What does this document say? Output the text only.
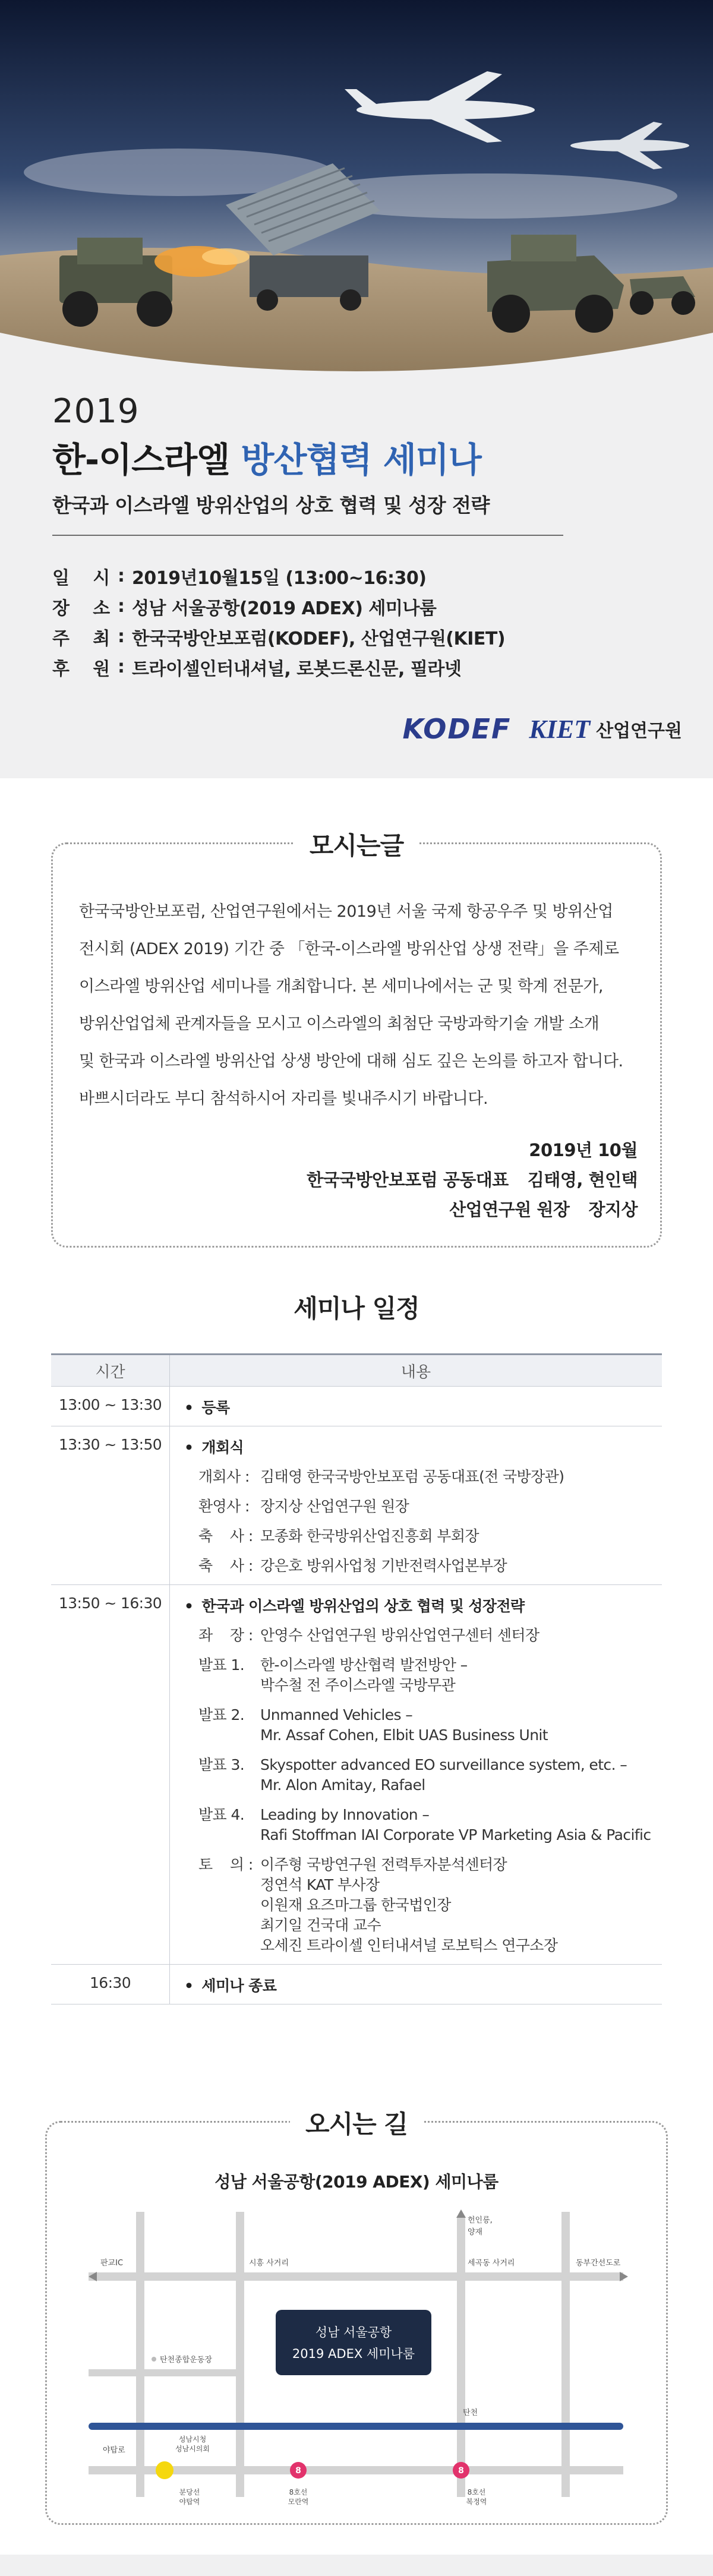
2019
한-이스라엘 방산협력 세미나
한국과 이스라엘 방위산업의 상호 협력 및 성장 전략
일    시 : 2019년10월15일 (13:00~16:30)
장    소 : 성남 서울공항(2019 ADEX) 세미나룸
주    최 : 한국국방안보포럼(KODEF), 산업연구원(KIET)
후    원 : 트라이셀인터내셔널, 로봇드론신문, 필라넷
KODEF KIET 산업연구원
모시는글
한국국방안보포럼, 산업연구원에서는 2019년 서울 국제 항공우주 및 방위산업
전시회 (ADEX 2019) 기간 중 「한국-이스라엘 방위산업 상생 전략」을 주제로
이스라엘 방위산업 세미나를 개최합니다. 본 세미나에서는 군 및 학계 전문가,
방위산업업체 관계자들을 모시고 이스라엘의 최첨단 국방과학기술 개발 소개
및 한국과 이스라엘 방위산업 상생 방안에 대해 심도 깊은 논의를 하고자 합니다.
바쁘시더라도 부디 참석하시어 자리를 빛내주시기 바랍니다.
2019년 10월
한국국방안보포럼 공동대표 김태영, 현인택
산업연구원 원장 장지상
세미나 일정
시간	내용
13:00 ~ 13:30	• 등록
13:30 ~ 13:50	• 개회식
개회사 : 김태영 한국국방안보포럼 공동대표(전 국방장관)
환영사 : 장지상 산업연구원 원장
축    사 : 모종화 한국방위산업진흥회 부회장
축    사 : 강은호 방위사업청 기반전력사업본부장
13:50 ~ 16:30	• 한국과 이스라엘 방위산업의 상호 협력 및 성장전략
좌    장 : 안영수 산업연구원 방위산업연구센터 센터장
발표 1.	한-이스라엘 방산협력 발전방안 –
박수철 전 주이스라엘 국방무관
발표 2.	Unmanned Vehicles –
Mr. Assaf Cohen, Elbit UAS Business Unit
발표 3.	Skyspotter advanced EO surveillance system, etc. –
Mr. Alon Amitay, Rafael
발표 4.	Leading by Innovation –
Rafi Stoffman IAI Corporate VP Marketing Asia & Pacific
토    의 : 이주형 국방연구원 전력투자분석센터장
정연석 KAT 부사장
이원재 요즈마그룹 한국법인장
최기일 건국대 교수
오세진 트라이셀 인터내셔널 로보틱스 연구소장
16:30	• 세미나 종료
오시는 길
성남 서울공항(2019 ADEX) 세미나룸
성남 서울공항
2019 ADEX 세미나룸
헌인릉,
양재
판교IC	시흥 사거리	세곡동 사거리	동부간선도로
탄천종합운동장
탄천
야탑로
성남시청
성남시의회
분당선
야탑역
8
8호선
모란역
8
8호선
복정역
